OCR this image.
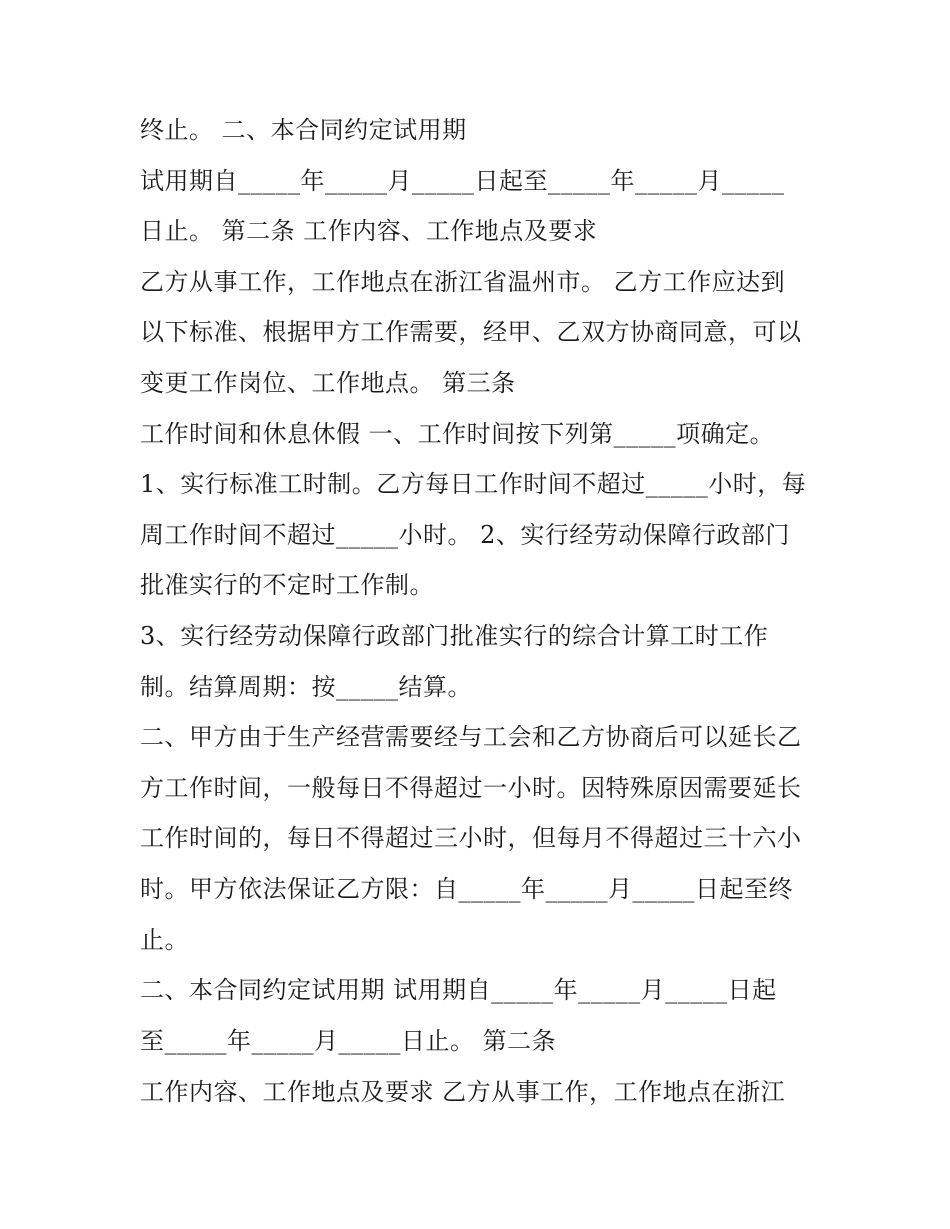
终止。 二、本合同约定试用期

试用期自_____年_____月_____日起至_____年_____月_____

日止。 第二条 工作内容、工作地点及要求

乙方从事工作，工作地点在浙江省温州市。 乙方工作应达到

以下标准、根据甲方工作需要，经甲、乙双方协商同意，可以

变更工作岗位、工作地点。 第三条

工作时间和休息休假 一、工作时间按下列第_____项确定。

1、实行标准工时制。乙方每日工作时间不超过_____小时，每

周工作时间不超过_____小时。 2、实行经劳动保障行政部门

批准实行的不定时工作制。

3、实行经劳动保障行政部门批准实行的综合计算工时工作

制。结算周期：按_____结算。

二、甲方由于生产经营需要经与工会和乙方协商后可以延长乙

方工作时间，一般每日不得超过一小时。因特殊原因需要延长

工作时间的，每日不得超过三小时，但每月不得超过三十六小

时。甲方依法保证乙方限：自_____年_____月_____日起至终

止。

二、本合同约定试用期 试用期自_____年_____月_____日起

至_____年_____月_____日止。 第二条

工作内容、工作地点及要求 乙方从事工作，工作地点在浙江
